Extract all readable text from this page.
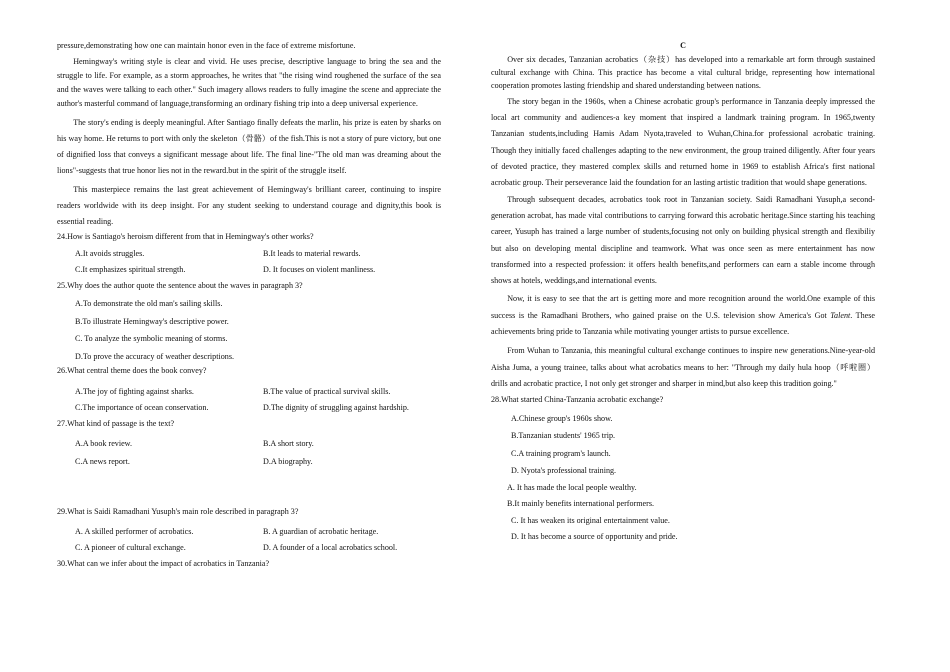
pressure,demonstrating how one can maintain honor even in the face of extreme misfortune.

Hemingway's writing style is clear and vivid. He uses precise, descriptive language to bring the sea and the struggle to life. For example, as a storm approaches, he writes that "the rising wind roughened the surface of the sea and the waves were talking to each other." Such imagery allows readers to fully imagine the scene and appreciate the author's masterful command of language,transforming an ordinary fishing trip into a deep universal experience.

The story's ending is deeply meaningful. After Santiago finally defeats the marlin, his prize is eaten by sharks on his way home. He returns to port with only the skeleton（骨骼）of the fish.This is not a story of pure victory, but one of dignified loss that conveys a significant message about life. The final line-"The old man was dreaming about the lions"-suggests that true honor lies not in the reward.but in the spirit of the struggle itself.

This masterpiece remains the last great achievement of Hemingway's brilliant career, continuing to inspire readers worldwide with its deep insight. For any student seeking to understand courage and dignity,this book is essential reading.

24.How is Santiago's heroism different from that in Hemingway's other works?

A.It avoids struggles.	B.It leads to material rewards.
C.It emphasizes spiritual strength.	D. It focuses on violent manliness.

25.Why does the author quote the sentence about the waves in paragraph 3?

A.To demonstrate the old man's sailing skills.
B.To illustrate Hemingway's descriptive power.
C. To analyze the symbolic meaning of storms.
D.To prove the accuracy of weather descriptions.

26.What central theme does the book convey?

A.The joy of fighting against sharks.	B.The value of practical survival skills.
C.The importance of ocean conservation.	D.The dignity of struggling against hardship.

27.What kind of passage is the text?

A.A book review.	B.A short story.
C.A news report.	D.A biography.

29.What is Saidi Ramadhani Yusuph's main role described in paragraph 3?

A. A skilled performer of acrobatics.	B. A guardian of acrobatic heritage.
C. A pioneer of cultural exchange.	D. A founder of a local acrobatics school.

30.What can we infer about the impact of acrobatics in Tanzania?

C

Over six decades, Tanzanian acrobatics（杂技）has developed into a remarkable art form through sustained cultural exchange with China. This practice has become a vital cultural bridge, representing how international cooperation promotes lasting friendship and shared understanding between nations.

The story began in the 1960s, when a Chinese acrobatic group's performance in Tanzania deeply impressed the local art community and audiences-a key moment that inspired a landmark training program. In 1965,twenty Tanzanian students,including Hamis Adam Nyota,traveled to Wuhan,China.for professional acrobatic training. Though they initially faced challenges adapting to the new environment, the group trained diligently. After four years of devoted practice, they mastered complex skills and returned home in 1969 to establish Africa's first national acrobatic group. Their perseverance laid the foundation for an lasting artistic tradition that would shape generations.

Through subsequent decades, acrobatics took root in Tanzanian society. Saidi Ramadhani Yusuph,a second-generation acrobat, has made vital contributions to carrying forward this acrobatic heritage.Since starting his teaching career, Yusuph has trained a large number of students,focusing not only on building physical strength and flexibiliy but also on developing mental discipline and teamwork. What was once seen as mere entertainment has now transformed into a respected profession: it offers health benefits,and performers can earn a stable income through shows at hotels, weddings,and international events.

Now, it is easy to see that the art is getting more and more recognition around the world.One example of this success is the Ramadhani Brothers, who gained praise on the U.S. television show America's Got Talent. These achievements bring pride to Tanzania while motivating younger artists to pursue excellence.

From Wuhan to Tanzania, this meaningful cultural exchange continues to inspire new generations.Nine-year-old Aisha Juma, a young trainee, talks about what acrobatics means to her: "Through my daily hula hoop（呼啦圈）drills and acrobatic practice, I not only get stronger and sharper in mind,but also keep this tradition going."

28.What started China-Tanzania acrobatic exchange?

A.Chinese group's 1960s show.
B.Tanzanian students' 1965 trip.
C.A training program's launch.
D. Nyota's professional training.
A. It has made the local people wealthy.
B.It mainly benefits international performers.
C. It has weaken its original entertainment value.
D. It has become a source of opportunity and pride.
